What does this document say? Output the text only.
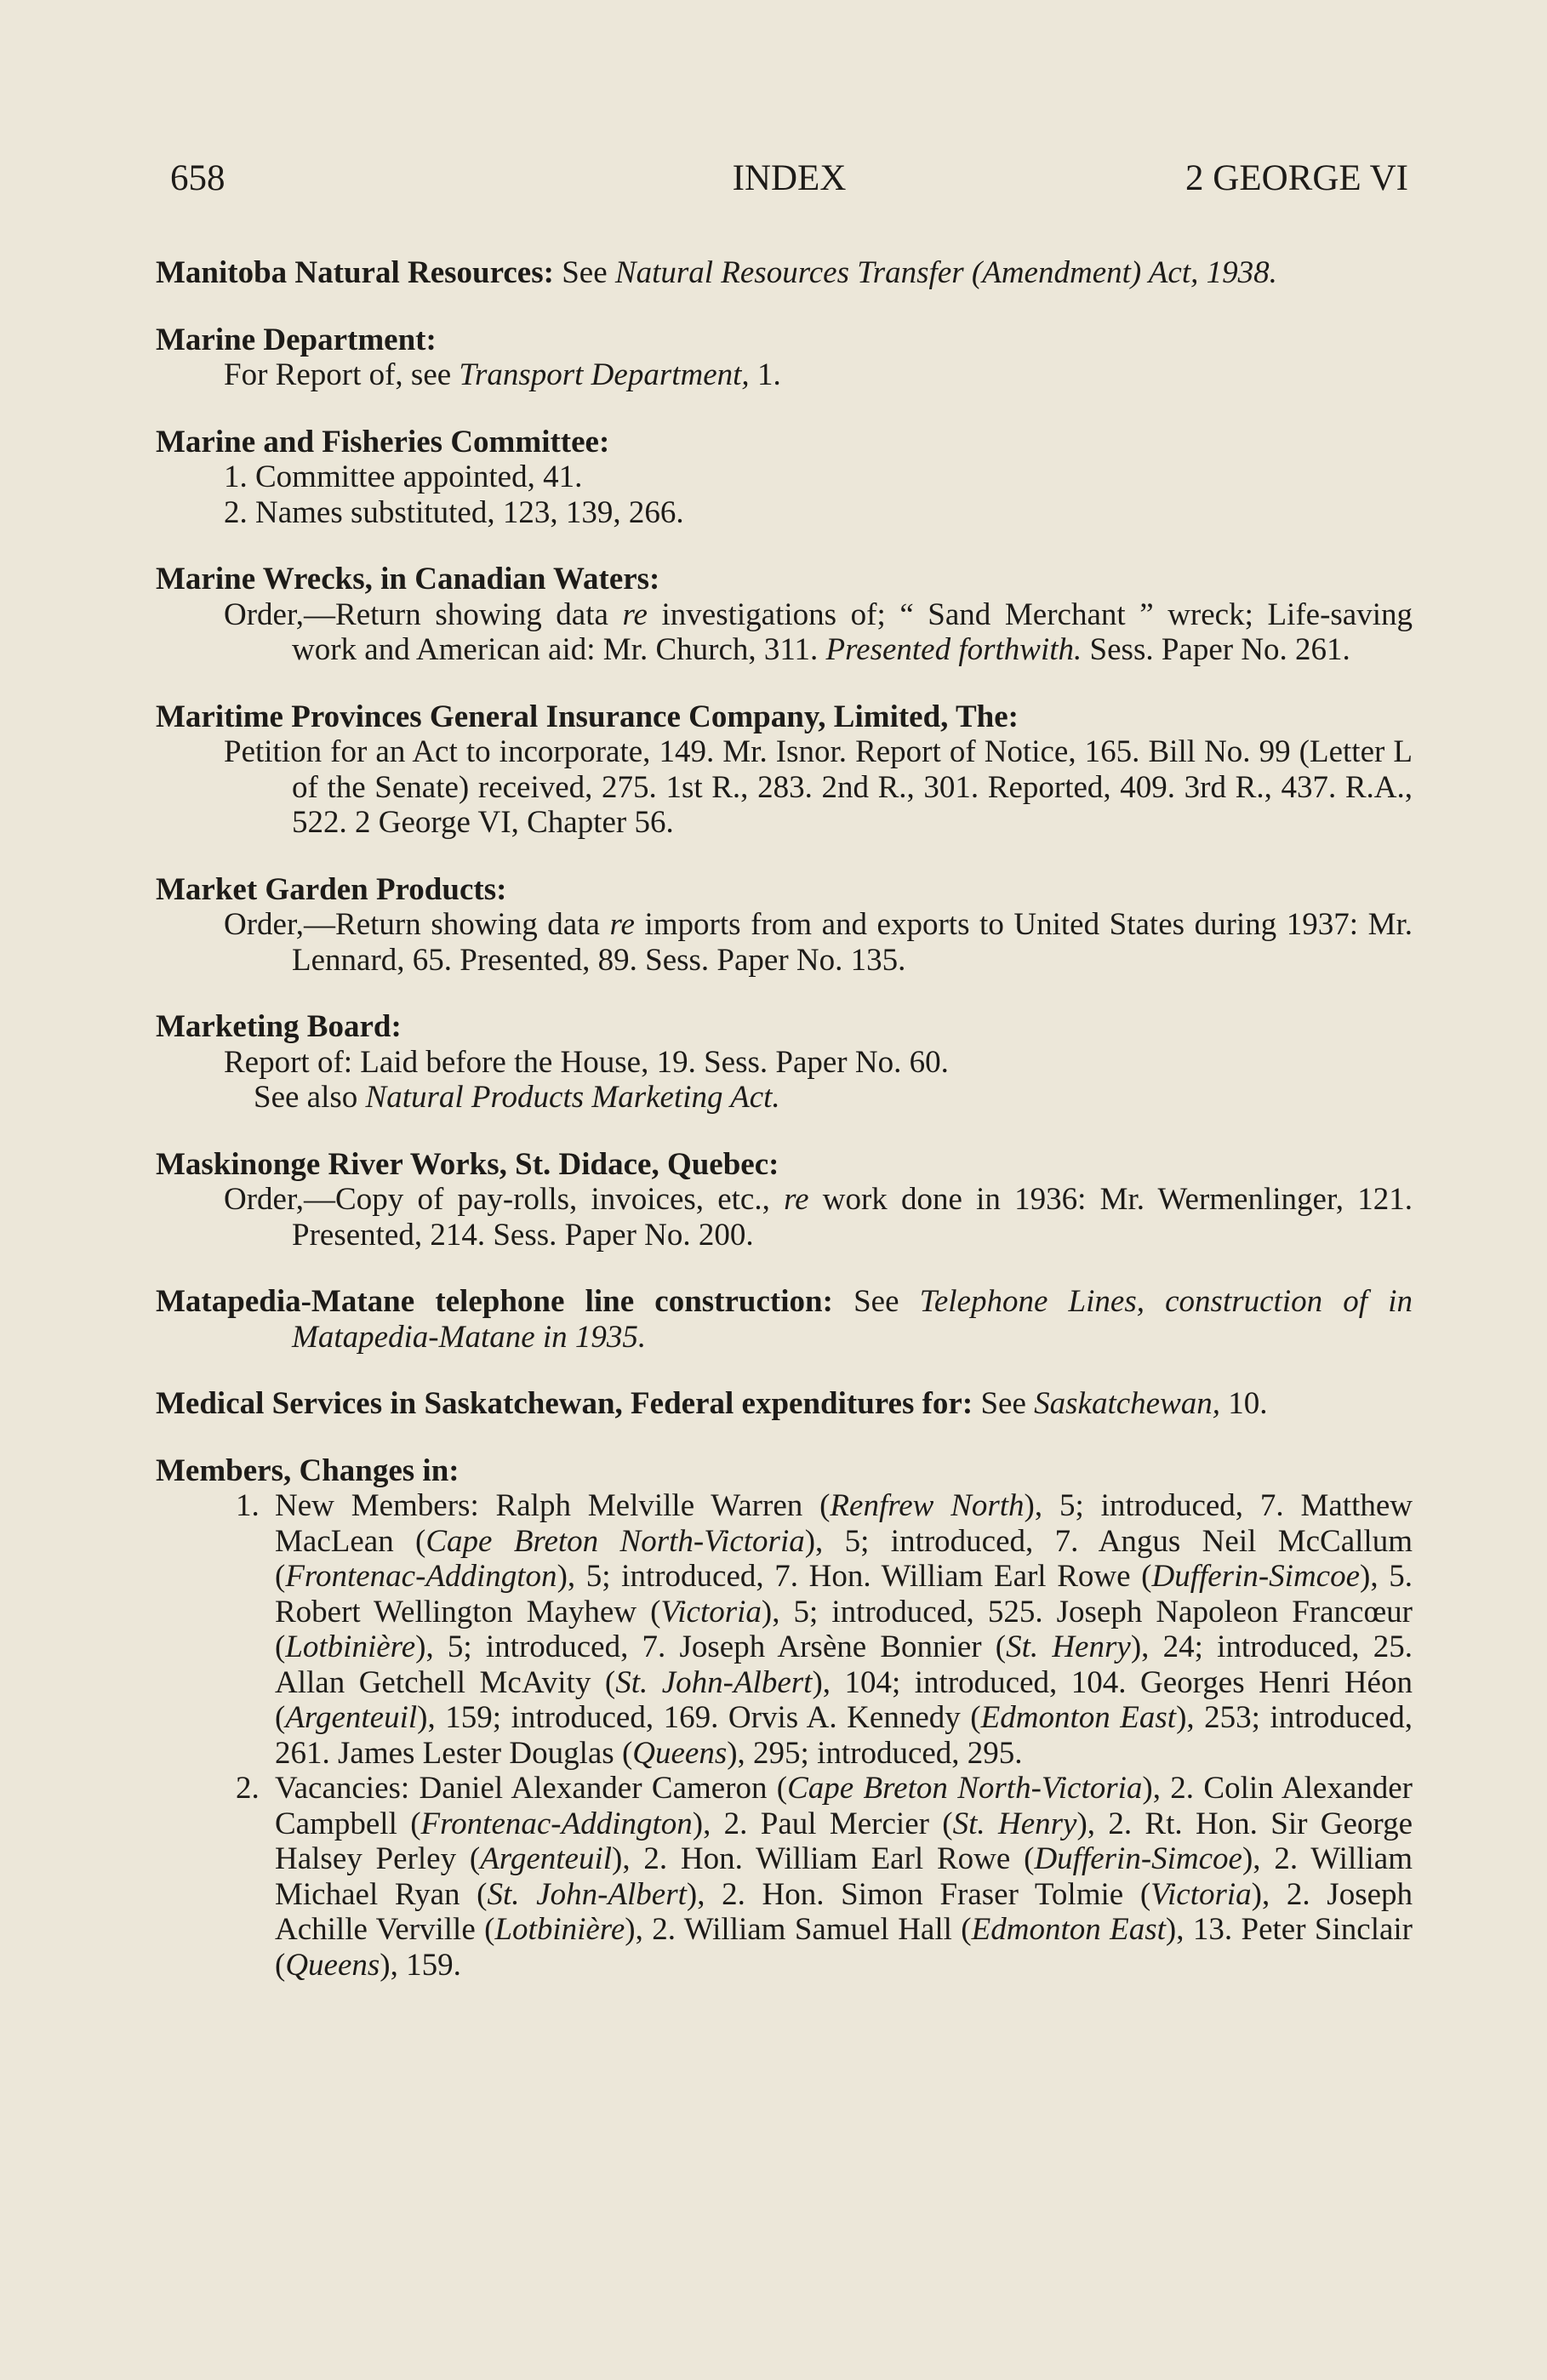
658	INDEX	2 GEORGE VI
Manitoba Natural Resources: See Natural Resources Transfer (Amendment) Act, 1938.
Marine Department:
For Report of, see Transport Department, 1.
Marine and Fisheries Committee:
1. Committee appointed, 41.
2. Names substituted, 123, 139, 266.
Marine Wrecks, in Canadian Waters:
Order,—Return showing data re investigations of; “ Sand Merchant ” wreck; Life-saving work and American aid: Mr. Church, 311. Presented forthwith. Sess. Paper No. 261.
Maritime Provinces General Insurance Company, Limited, The:
Petition for an Act to incorporate, 149. Mr. Isnor. Report of Notice, 165. Bill No. 99 (Letter L of the Senate) received, 275. 1st R., 283. 2nd R., 301. Reported, 409. 3rd R., 437. R.A., 522. 2 George VI, Chapter 56.
Market Garden Products:
Order,—Return showing data re imports from and exports to United States during 1937: Mr. Lennard, 65. Presented, 89. Sess. Paper No. 135.
Marketing Board:
Report of: Laid before the House, 19. Sess. Paper No. 60.
See also Natural Products Marketing Act.
Maskinonge River Works, St. Didace, Quebec:
Order,—Copy of pay-rolls, invoices, etc., re work done in 1936: Mr. Wermenlinger, 121. Presented, 214. Sess. Paper No. 200.
Matapedia-Matane telephone line construction: See Telephone Lines, construction of in Matapedia-Matane in 1935.
Medical Services in Saskatchewan, Federal expenditures for: See Saskatchewan, 10.
Members, Changes in:
1. New Members: Ralph Melville Warren (Renfrew North), 5; introduced, 7. Matthew MacLean (Cape Breton North-Victoria), 5; introduced, 7. Angus Neil McCallum (Frontenac-Addington), 5; introduced, 7. Hon. William Earl Rowe (Dufferin-Simcoe), 5. Robert Wellington Mayhew (Victoria), 5; introduced, 525. Joseph Napoleon Francœur (Lotbinière), 5; introduced, 7. Joseph Arsène Bonnier (St. Henry), 24; introduced, 25. Allan Getchell McAvity (St. John-Albert), 104; introduced, 104. Georges Henri Héon (Argenteuil), 159; introduced, 169. Orvis A. Kennedy (Edmonton East), 253; introduced, 261. James Lester Douglas (Queens), 295; introduced, 295.
2. Vacancies: Daniel Alexander Cameron (Cape Breton North-Victoria), 2. Colin Alexander Campbell (Frontenac-Addington), 2. Paul Mercier (St. Henry), 2. Rt. Hon. Sir George Halsey Perley (Argenteuil), 2. Hon. William Earl Rowe (Dufferin-Simcoe), 2. William Michael Ryan (St. John-Albert), 2. Hon. Simon Fraser Tolmie (Victoria), 2. Joseph Achille Verville (Lotbinière), 2. William Samuel Hall (Edmonton East), 13. Peter Sinclair (Queens), 159.
